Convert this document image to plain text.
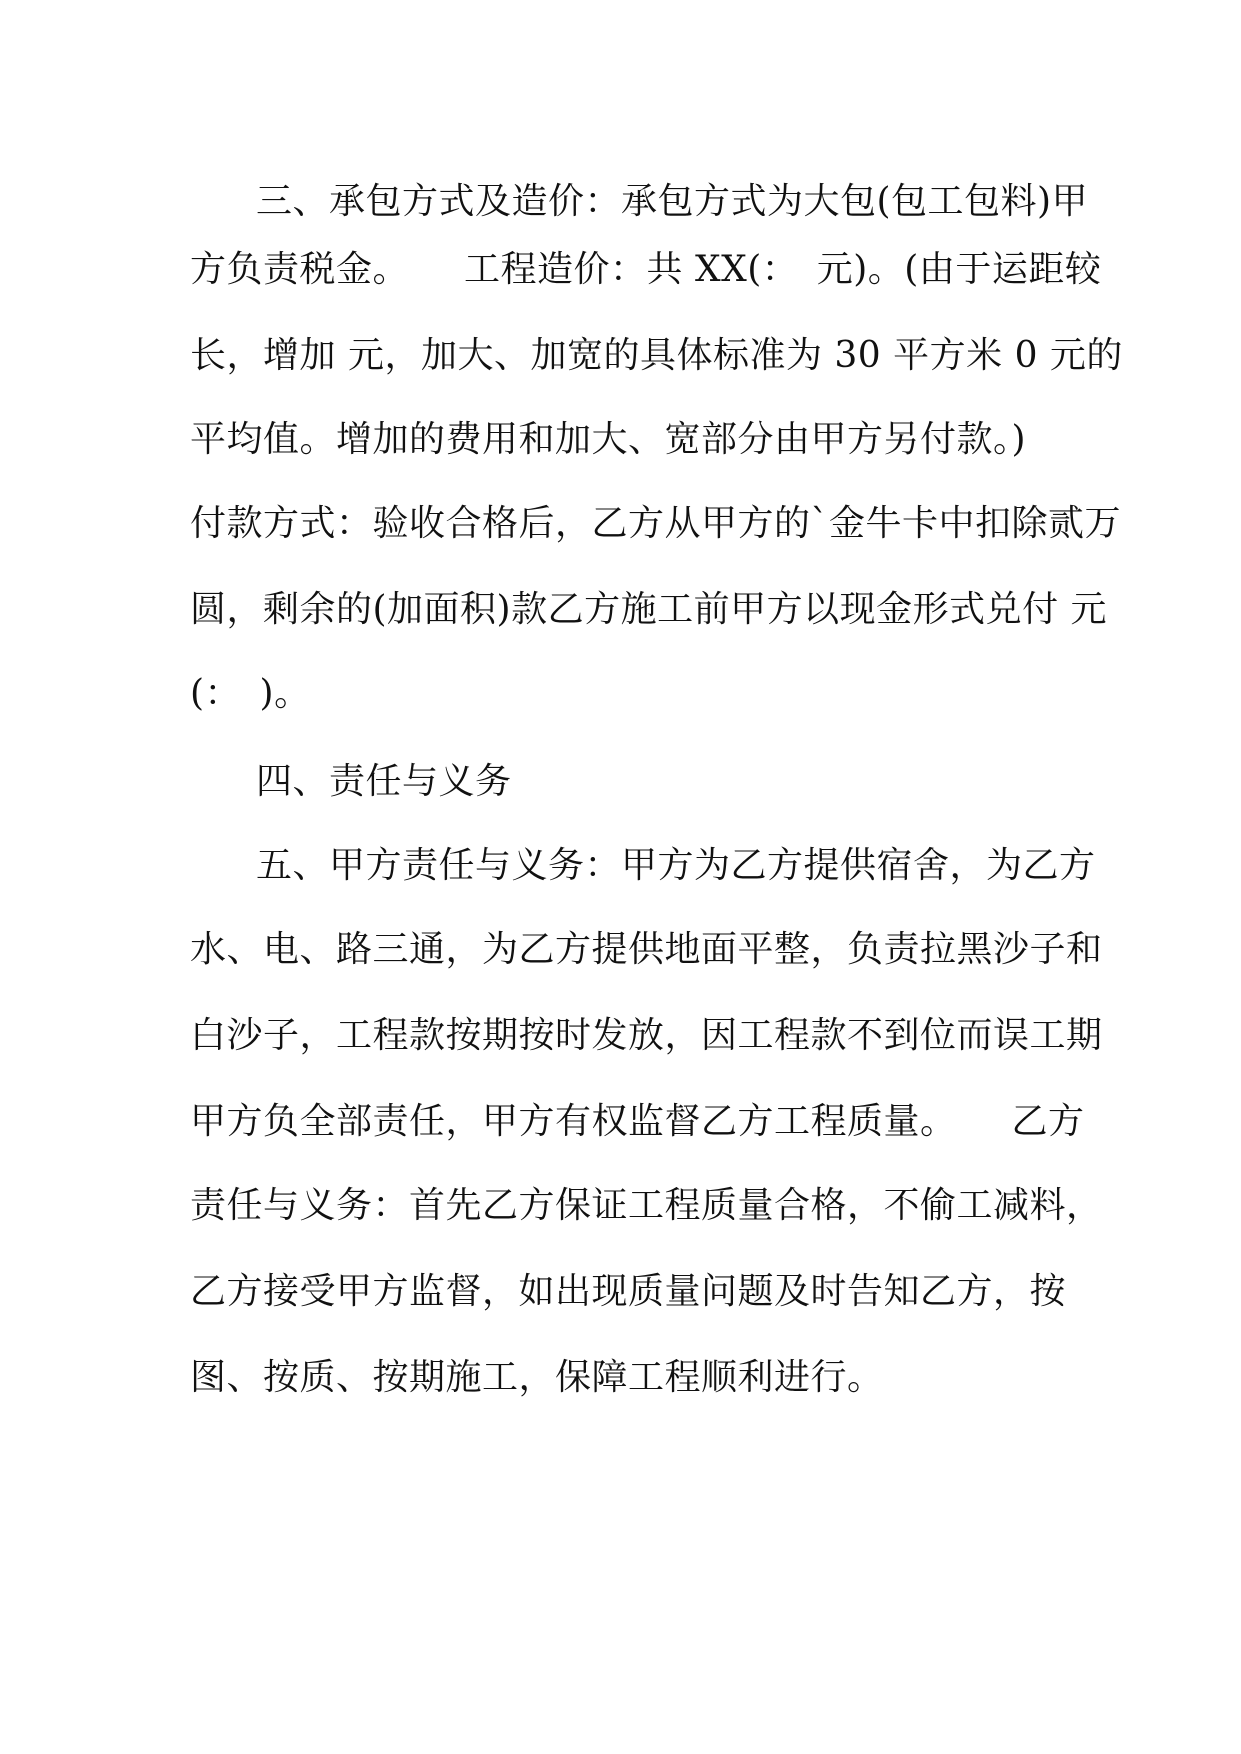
三、承包方式及造价：承包方式为大包(包工包料)甲
方负责税金。　　工程造价：共 XX(：　元)。(由于运距较
长，增加 元，加大、加宽的具体标准为 30 平方米 0 元的
平均值。增加的费用和加大、宽部分由甲方另付款。)
付款方式：验收合格后，乙方从甲方的`金牛卡中扣除贰万
圆，剩余的(加面积)款乙方施工前甲方以现金形式兑付 元
(：　)。
四、责任与义务
五、甲方责任与义务：甲方为乙方提供宿舍，为乙方
水、电、路三通，为乙方提供地面平整，负责拉黑沙子和
白沙子，工程款按期按时发放，因工程款不到位而误工期
甲方负全部责任，甲方有权监督乙方工程质量。　　乙方
责任与义务：首先乙方保证工程质量合格，不偷工减料，
乙方接受甲方监督，如出现质量问题及时告知乙方，按
图、按质、按期施工，保障工程顺利进行。
